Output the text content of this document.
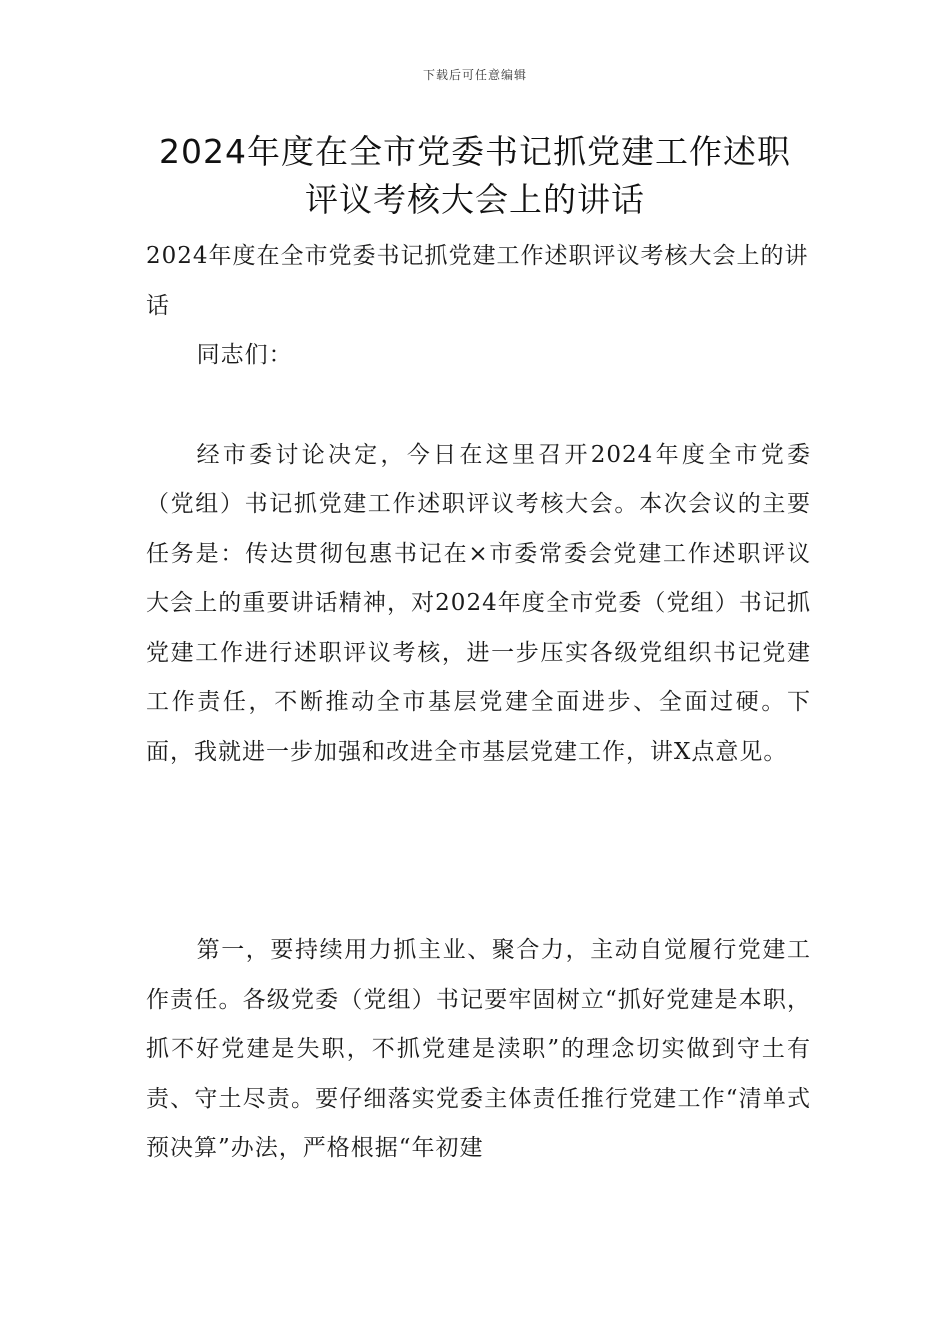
下载后可任意编辑
2024年度在全市党委书记抓党建工作述职
评议考核大会上的讲话

2024年度在全市党委书记抓党建工作述职评议考核大会上的讲话

同志们：

经市委讨论决定，今日在这里召开2024年度全市党委（党组）书记抓党建工作述职评议考核大会。本次会议的主要任务是：传达贯彻包惠书记在×市委常委会党建工作述职评议大会上的重要讲话精神，对2024年度全市党委（党组）书记抓党建工作进行述职评议考核，进一步压实各级党组织书记党建工作责任，不断推动全市基层党建全面进步、全面过硬。下面，我就进一步加强和改进全市基层党建工作，讲X点意见。

第一，要持续用力抓主业、聚合力，主动自觉履行党建工作责任。各级党委（党组）书记要牢固树立“抓好党建是本职，抓不好党建是失职，不抓党建是渎职”的理念切实做到守土有责、守土尽责。要仔细落实党委主体责任推行党建工作“清单式预决算”办法，严格根据“年初建
